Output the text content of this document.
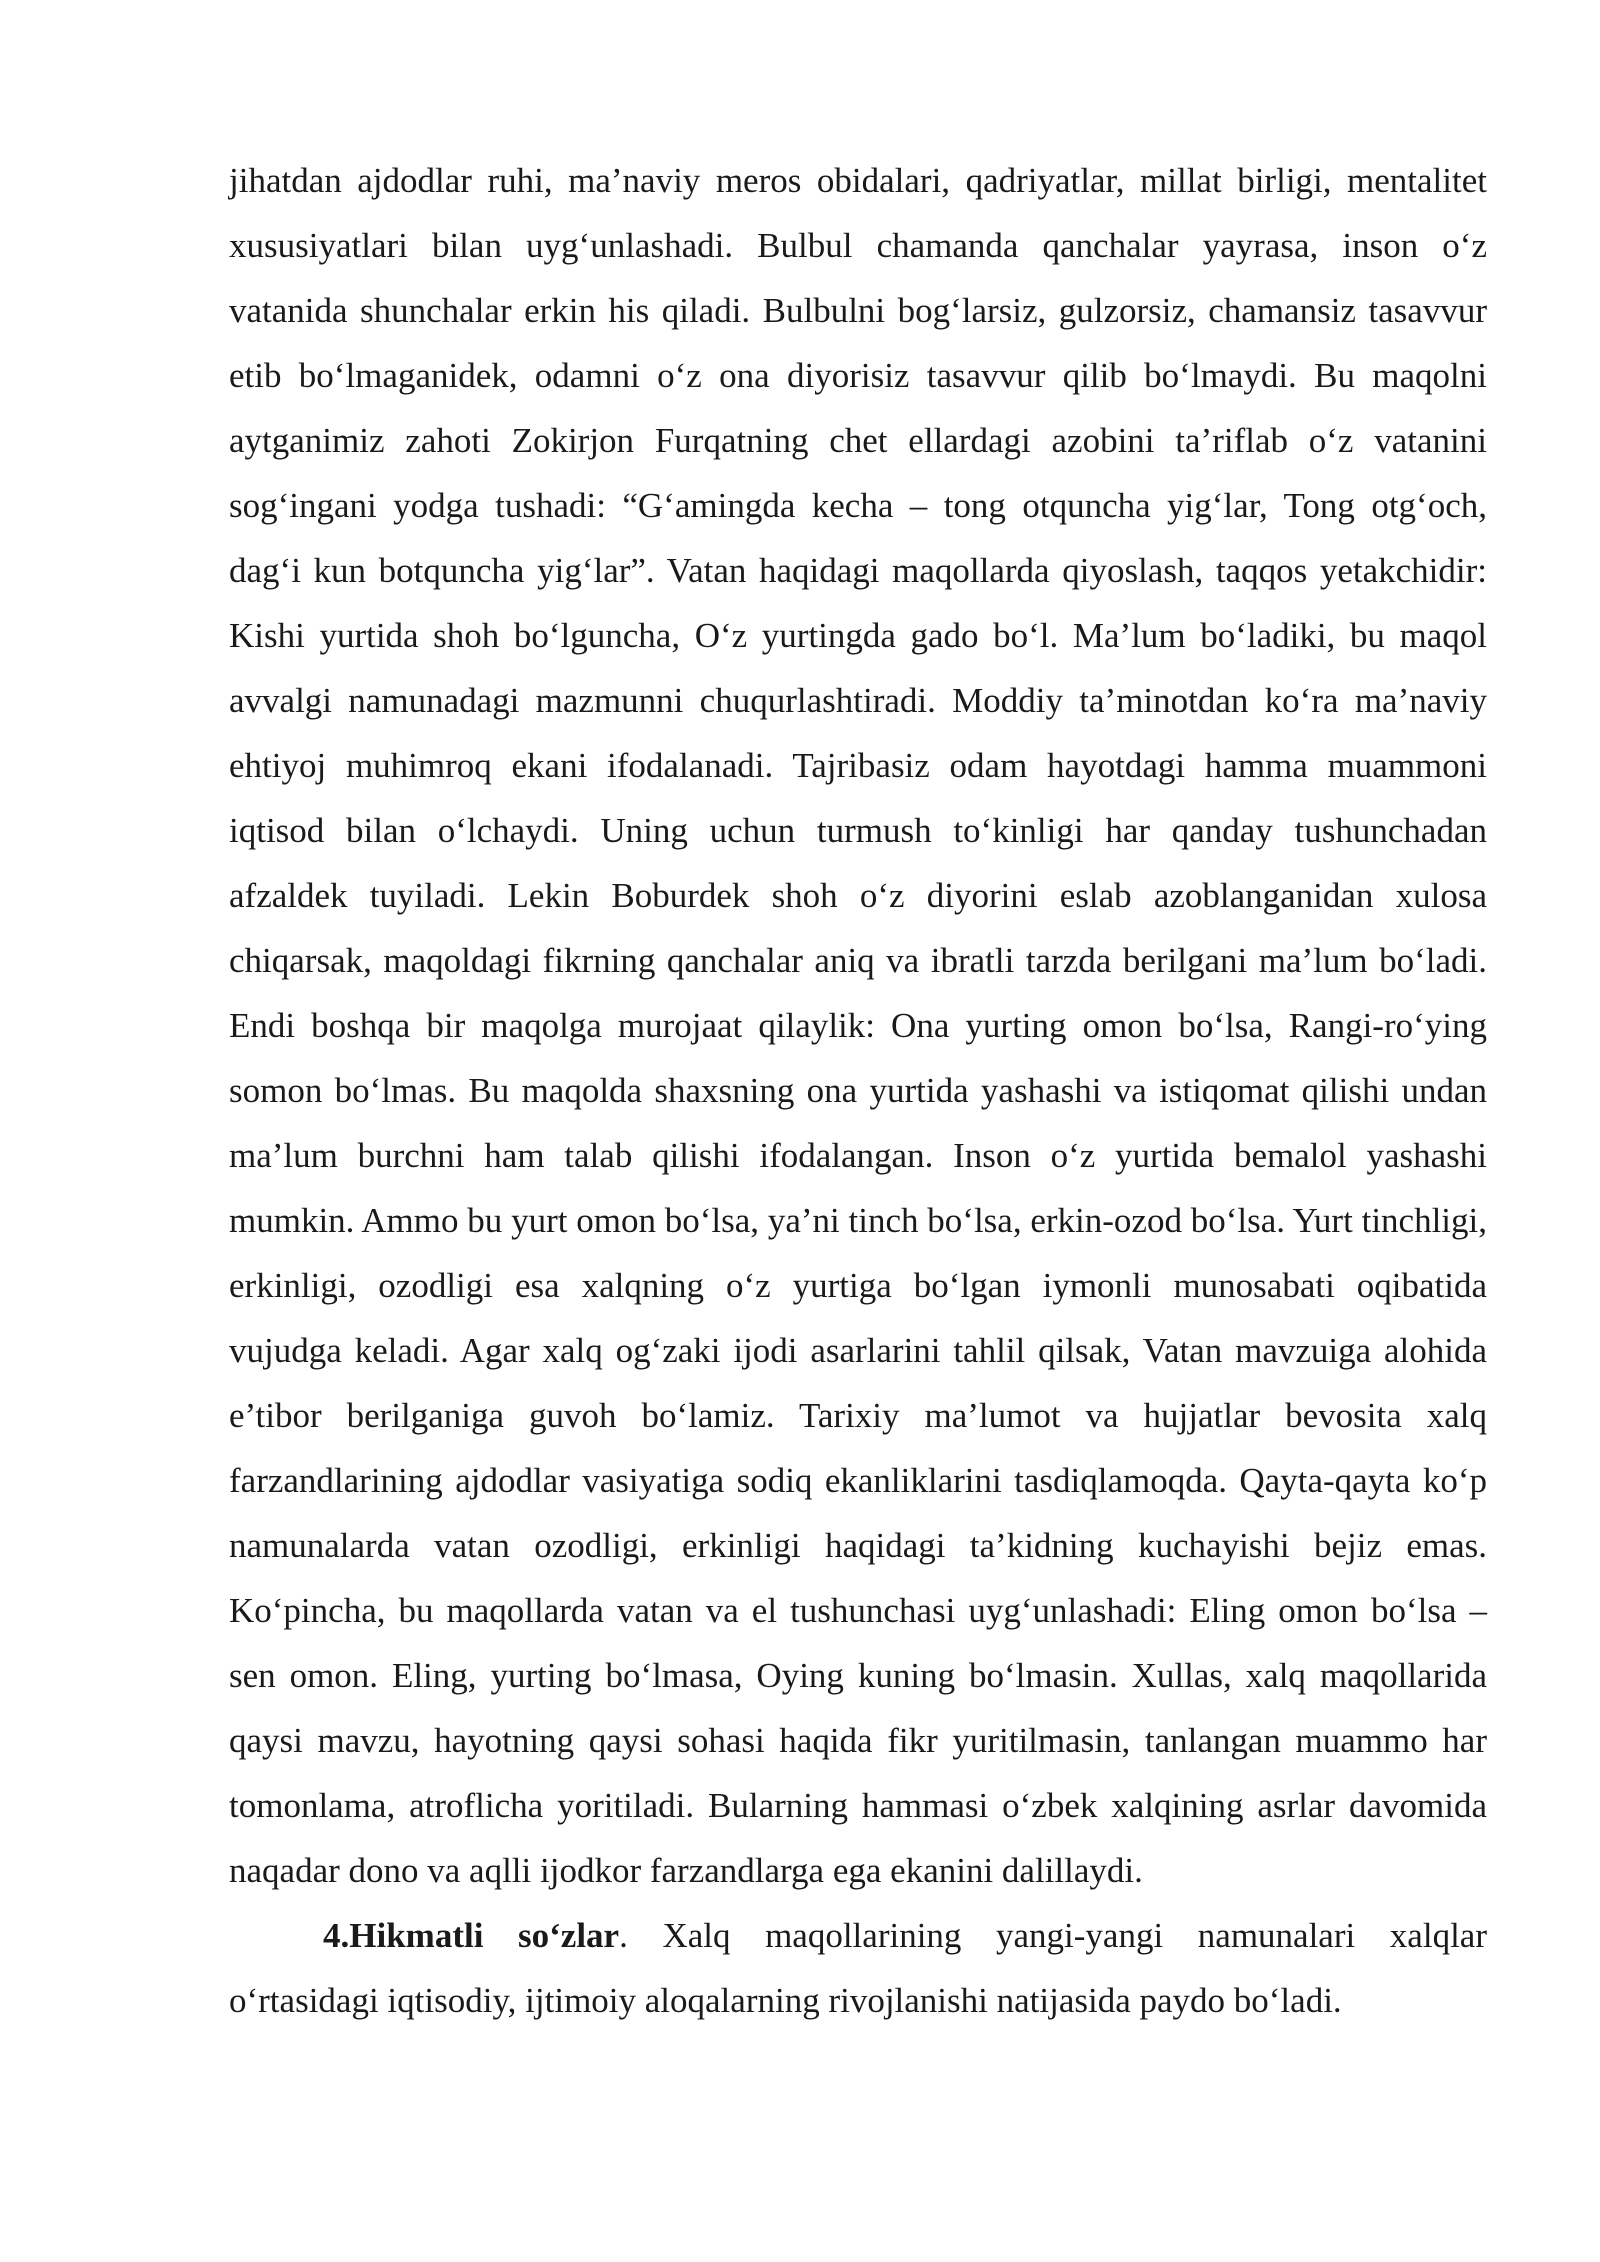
jihatdan ajdodlar ruhi, ma’naviy meros obidalari, qadriyatlar, millat birligi, mentalitet xususiyatlari bilan uyg‘unlashadi. Bulbul chamanda qanchalar yayrasa, inson o‘z vatanida shunchalar erkin his qiladi. Bulbulni bog‘larsiz, gulzorsiz, chamansiz tasavvur etib bo‘lmaganidek, odamni o‘z ona diyorisiz tasavvur qilib bo‘lmaydi. Bu maqolni aytganimiz zahoti Zokirjon Furqatning chet ellardagi azobini ta’riflab o‘z vatanini sog‘ingani yodga tushadi: “G‘amingda kecha – tong otquncha yig‘lar, Tong otg‘och, dag‘i kun botquncha yig‘lar”. Vatan haqidagi maqollarda qiyoslash, taqqos yetakchidir: Kishi yurtida shoh bo‘lguncha, O‘z yurtingda gado bo‘l. Ma’lum bo‘ladiki, bu maqol avvalgi namunadagi mazmunni chuqurlashtiradi. Moddiy ta’minotdan ko‘ra ma’naviy ehtiyoj muhimroq ekani ifodalanadi. Tajribasiz odam hayotdagi hamma muammoni iqtisod bilan o‘lchaydi. Uning uchun turmush to‘kinligi har qanday tushunchadan afzaldek tuyiladi. Lekin Boburdek shoh o‘z diyorini eslab azoblanganidan xulosa chiqarsak, maqoldagi fikrning qanchalar aniq va ibratli tarzda berilgani ma’lum bo‘ladi. Endi boshqa bir maqolga murojaat qilaylik: Ona yurting omon bo‘lsa, Rangi-ro‘ying somon bo‘lmas. Bu maqolda shaxsning ona yurtida yashashi va istiqomat qilishi undan ma’lum burchni ham talab qilishi ifodalangan. Inson o‘z yurtida bemalol yashashi mumkin. Ammo bu yurt omon bo‘lsa, ya’ni tinch bo‘lsa, erkin-ozod bo‘lsa. Yurt tinchligi, erkinligi, ozodligi esa xalqning o‘z yurtiga bo‘lgan iymonli munosabati oqibatida vujudga keladi. Agar xalq og‘zaki ijodi asarlarini tahlil qilsak, Vatan mavzuiga alohida e’tibor berilganiga guvoh bo‘lamiz. Tarixiy ma’lumot va hujjatlar bevosita xalq farzandlarining ajdodlar vasiyatiga sodiq ekanliklarini tasdiqlamoqda. Qayta-qayta ko‘p namunalarda vatan ozodligi, erkinligi haqidagi ta’kidning kuchayishi bejiz emas. Ko‘pincha, bu maqollarda vatan va el tushunchasi uyg‘unlashadi: Eling omon bo‘lsa – sen omon. Eling, yurting bo‘lmasa, Oying kuning bo‘lmasin. Xullas, xalq maqollarida qaysi mavzu, hayotning qaysi sohasi haqida fikr yuritilmasin, tanlangan muammo har tomonlama, atroflicha yoritiladi. Bularning hammasi o‘zbek xalqining asrlar davomida naqadar dono va aqlli ijodkor farzandlarga ega ekanini dalillaydi.

4.Hikmatli so‘zlar. Xalq maqollarining yangi-yangi namunalari xalqlar o‘rtasidagi iqtisodiy, ijtimoiy aloqalarning rivojlanishi natijasida paydo bo‘ladi.
